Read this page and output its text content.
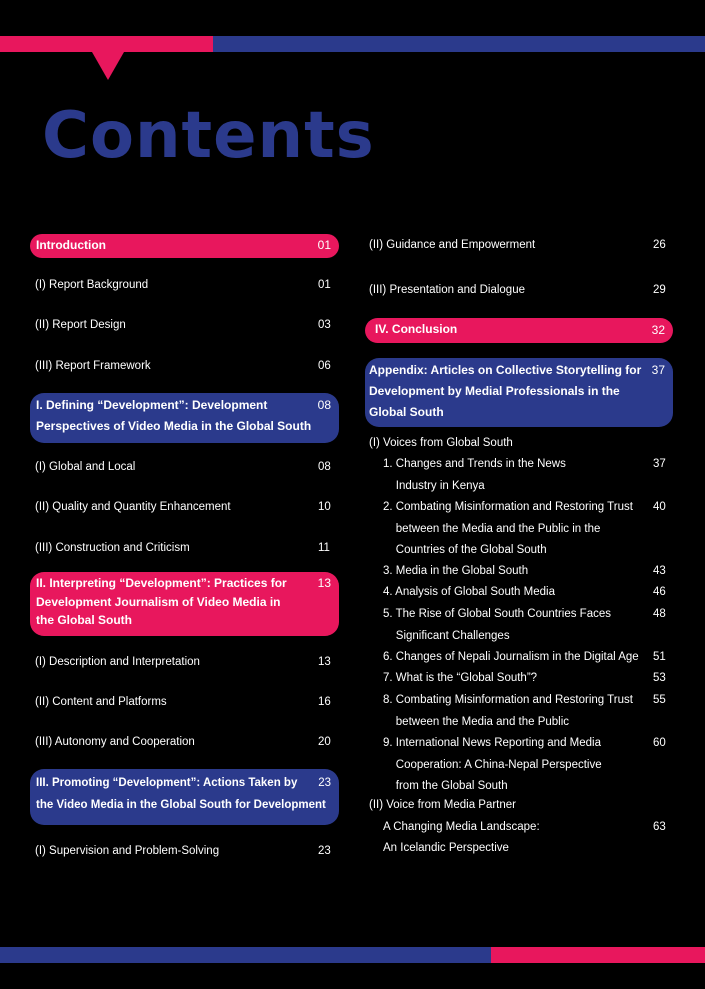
Contents
Introduction	01
(I) Report Background	01
(II) Report Design	03
(III) Report Framework	06
I. Defining “Development”: Development
Perspectives of Video Media in the Global South
08
(I) Global and Local	08
(II) Quality and Quantity Enhancement	10
(III) Construction and Criticism	11
II. Interpreting “Development”: Practices for
Development Journalism of Video Media in
the Global South
13
(I) Description and Interpretation	13
(II) Content and Platforms	16
(III) Autonomy and Cooperation	20
III. Promoting “Development”: Actions Taken by
the Video Media in the Global South for Development
23
(I) Supervision and Problem-Solving	23
(II) Guidance and Empowerment	26
(III) Presentation and Dialogue	29
IV. Conclusion	32
Appendix: Articles on Collective Storytelling for
Development by Medial Professionals in the
Global South
37
(I) Voices from Global South
1. Changes and Trends in the News
Industry in Kenya
37
2. Combating Misinformation and Restoring Trust
between the Media and the Public in the
Countries of the Global South
40
3. Media in the Global South	43
4. Analysis of Global South Media	46
5. The Rise of Global South Countries Faces
Significant Challenges
48
6. Changes of Nepali Journalism in the Digital Age 51
7. What is the “Global South”?	53
8. Combating Misinformation and Restoring Trust
between the Media and the Public
55
9. International News Reporting and Media
Cooperation: A China-Nepal Perspective
from the Global South
60
(II) Voice from Media Partner
A Changing Media Landscape:	63
An Icelandic Perspective
